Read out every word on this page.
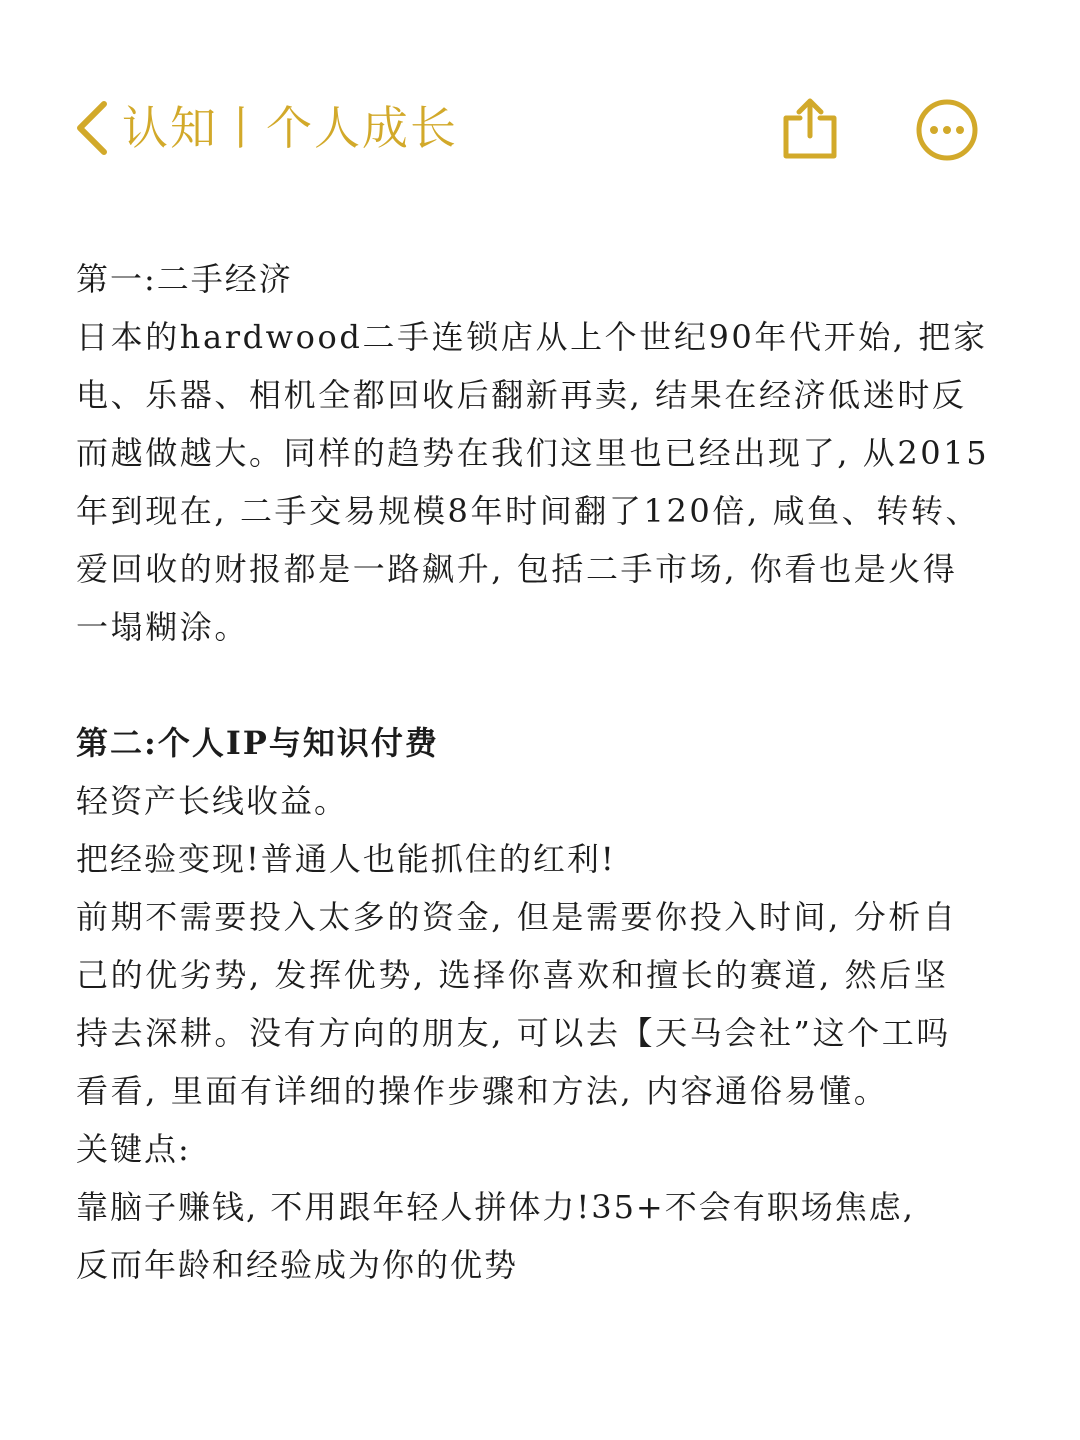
认知丨个人成长
第一:二手经济
日本的hardwood二手连锁店从上个世纪90年代开始, 把家
电、乐器、相机全都回收后翻新再卖, 结果在经济低迷时反
而越做越大。同样的趋势在我们这里也已经出现了, 从2015
年到现在, 二手交易规模8年时间翻了120倍, 咸鱼、转转、
爱回收的财报都是一路飙升, 包括二手市场, 你看也是火得
一塌糊涂。
第二:个人IP与知识付费
轻资产长线收益。
把经验变现!普通人也能抓住的红利!
前期不需要投入太多的资金, 但是需要你投入时间, 分析自
己的优劣势, 发挥优势, 选择你喜欢和擅长的赛道, 然后坚
持去深耕。没有方向的朋友, 可以去【天马会社”这个工吗
看看, 里面有详细的操作步骤和方法, 内容通俗易懂。
关键点:
靠脑子赚钱, 不用跟年轻人拼体力!35+不会有职场焦虑,
反而年龄和经验成为你的优势
